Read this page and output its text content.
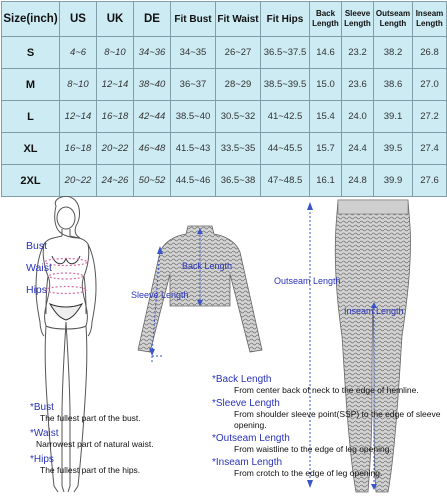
Size(inch)	US	UK	DE	Fit Bust	Fit Waist	Fit Hips	Back Length	Sleeve Length	Outseam Length	Inseam Length
S	4~6	8~10	34~36	34~35	26~27	36.5~37.5	14.6	23.2	38.2	26.8
M	8~10	12~14	38~40	36~37	28~29	38.5~39.5	15.0	23.6	38.6	27.0
L	12~14	16~18	42~44	38.5~40	30.5~32	41~42.5	15.4	24.0	39.1	27.2
XL	16~18	20~22	46~48	41.5~43	33.5~35	44~45.5	15.7	24.4	39.5	27.4
2XL	20~22	24~26	50~52	44.5~46	36.5~38	47~48.5	16.1	24.8	39.9	27.6
Bust
Waist
Hips
Back Length
Sleeve Length
Outseam Length
Inseam Length
*Bust
The fullest part of the bust.
*Waist
Narrowest part of natural waist.
*Hips
The fullest part of the hips.
*Back Length
From center back of neck to the edge of hemline.
*Sleeve Length
From shoulder sleeve point(SSP) to the edge of sleeve opening.
*Outseam Length
From waistline to the edge of leg opening.
*Inseam Length
From crotch to the edge of leg opening.
